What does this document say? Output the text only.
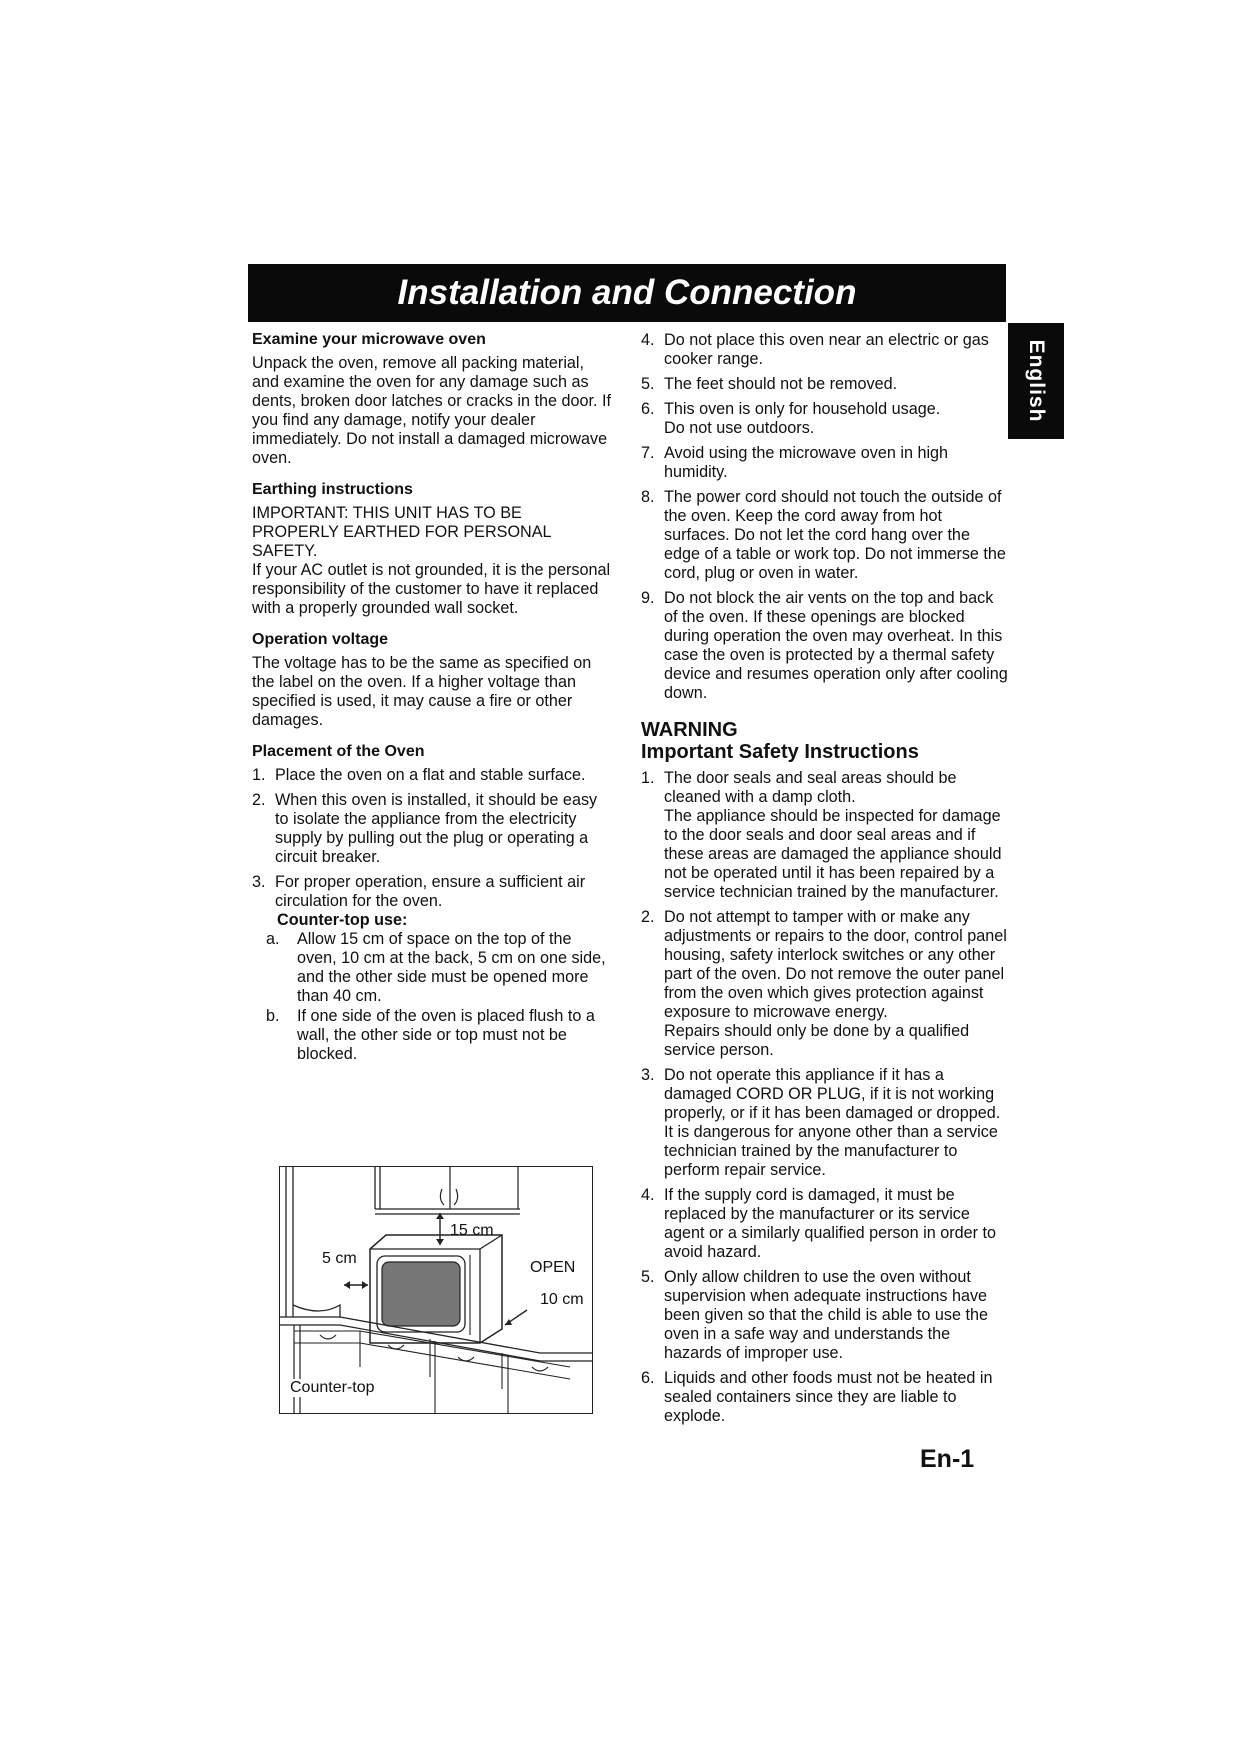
Installation and Connection
English
Examine your microwave oven

Unpack the oven, remove all packing material, and examine the oven for any damage such as dents, broken door latches or cracks in the door. If you find any damage, notify your dealer immediately. Do not install a damaged microwave oven.

Earthing instructions

IMPORTANT: THIS UNIT HAS TO BE PROPERLY EARTHED FOR PERSONAL SAFETY.

If your AC outlet is not grounded, it is the personal responsibility of the customer to have it replaced with a properly grounded wall socket.

Operation voltage

The voltage has to be the same as specified on the label on the oven. If a higher voltage than specified is used, it may cause a fire or other damages.

Placement of the Oven
1. Place the oven on a flat and stable surface.
2. When this oven is installed, it should be easy to isolate the appliance from the electricity supply by pulling out the plug or operating a circuit breaker.
3. For proper operation, ensure a sufficient air circulation for the oven.
Counter-top use:
a. Allow 15 cm of space on the top of the oven, 10 cm at the back, 5 cm on one side, and the other side must be opened more than 40 cm.
b. If one side of the oven is placed flush to a wall, the other side or top must not be blocked.
15 cm
5 cm
OPEN
10 cm
Counter-top
4. Do not place this oven near an electric or gas cooker range.
5. The feet should not be removed.
6. This oven is only for household usage.
Do not use outdoors.
7. Avoid using the microwave oven in high humidity.
8. The power cord should not touch the outside of the oven. Keep the cord away from hot surfaces. Do not let the cord hang over the edge of a table or work top. Do not immerse the cord, plug or oven in water.
9. Do not block the air vents on the top and back of the oven. If these openings are blocked during operation the oven may overheat. In this case the oven is protected by a thermal safety device and resumes operation only after cooling down.
WARNING
Important Safety Instructions
1. The door seals and seal areas should be cleaned with a damp cloth.
The appliance should be inspected for damage to the door seals and door seal areas and if these areas are damaged the appliance should not be operated until it has been repaired by a service technician trained by the manufacturer.
2. Do not attempt to tamper with or make any adjustments or repairs to the door, control panel housing, safety interlock switches or any other part of the oven. Do not remove the outer panel from the oven which gives protection against exposure to microwave energy.
Repairs should only be done by a qualified service person.
3. Do not operate this appliance if it has a damaged CORD OR PLUG, if it is not working properly, or if it has been damaged or dropped. It is dangerous for anyone other than a service technician trained by the manufacturer to perform repair service.
4. If the supply cord is damaged, it must be replaced by the manufacturer or its service agent or a similarly qualified person in order to avoid hazard.
5. Only allow children to use the oven without supervision when adequate instructions have been given so that the child is able to use the oven in a safe way and understands the hazards of improper use.
6. Liquids and other foods must not be heated in sealed containers since they are liable to explode.
En-1
